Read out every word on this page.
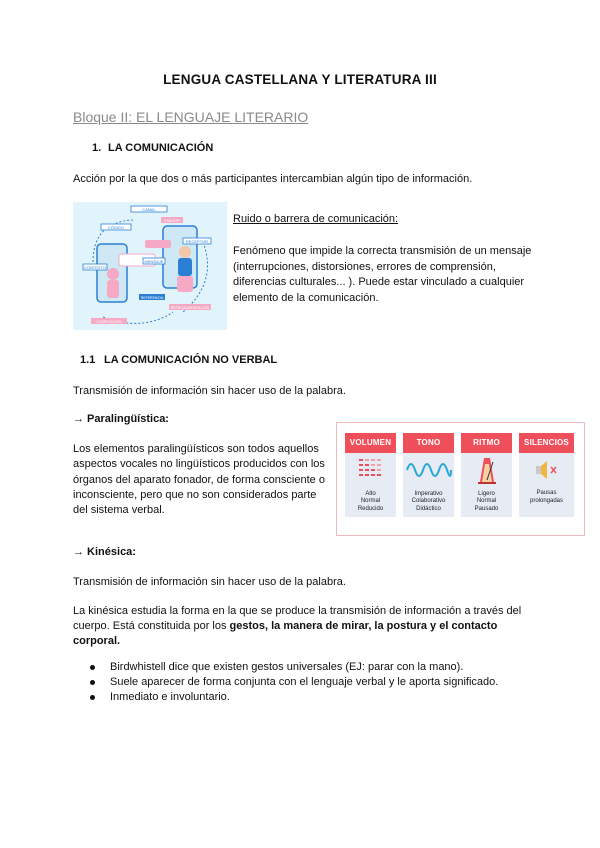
LENGUA CASTELLANA Y LITERATURA III
Bloque II: EL LENGUAJE LITERARIO
1. LA COMUNICACIÓN
Acción por la que dos o más participantes intercambian algún tipo de información.
CANAL
CÓDIGO
EMISOR
MENSAJE
RECEPTOR
CONTEXTO
RETROALIMENTACIÓN
REFERENCIA
CODIFICACIÓN
Ruido o barrera de comunicación:
Fenómeno que impide la correcta transmisión de un mensaje (interrupciones, distorsiones, errores de comprensión, diferencias culturales... ). Puede estar vinculado a cualquier elemento de la comunicación.
1.1 LA COMUNICACIÓN NO VERBAL
Transmisión de información sin hacer uso de la palabra.
→ Paralingüística:
Los elementos paralingüísticos son todos aquellos aspectos vocales no lingüísticos producidos con los órganos del aparato fonador, de forma consciente o inconsciente, pero que no son considerados parte del sistema verbal.
VOLUMEN
Alto
Normal
Reducido
TONO
Imperativo
Colaborativo
Didáctico
RITMO
Ligero
Normal
Pausado
SILENCIOS
Pausas
prolongadas
→ Kinésica:
Transmisión de información sin hacer uso de la palabra.
La kinésica estudia la forma en la que se produce la transmisión de información a través del cuerpo. Está constituida por los gestos, la manera de mirar, la postura y el contacto corporal.
Birdwhistell dice que existen gestos universales (EJ: parar con la mano).
Suele aparecer de forma conjunta con el lenguaje verbal y le aporta significado.
Inmediato e involuntario.
